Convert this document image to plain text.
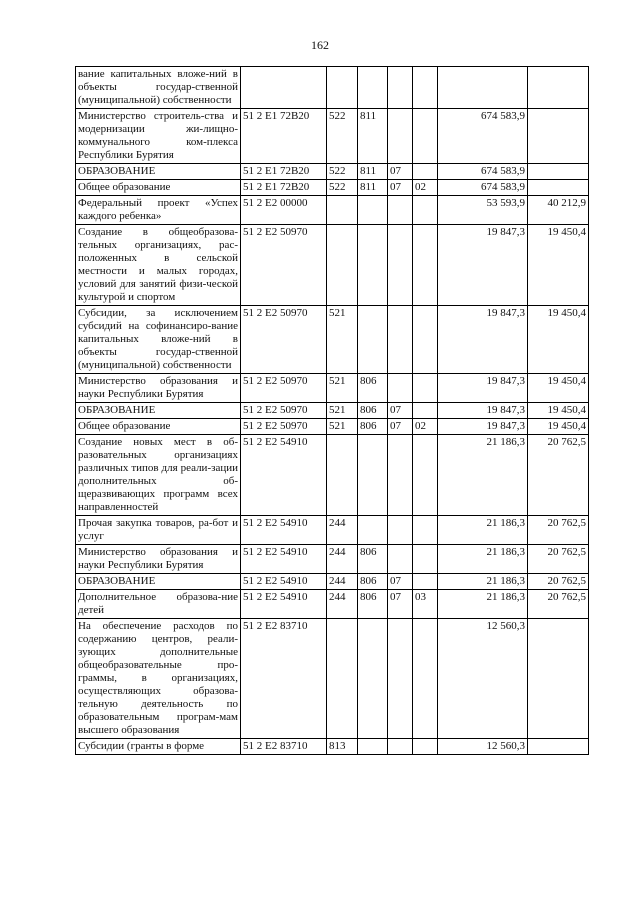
162
вание капитальных вложе-ний в объекты государ-ственной (муниципальной) собственности							
Министерство строитель-ства и модернизации жи-лищно-коммунального ком-плекса Республики Бурятия	51 2 E1 72B20	522	811			674 583,9	
ОБРАЗОВАНИЕ	51 2 E1 72B20	522	811	07		674 583,9	
Общее образование	51 2 E1 72B20	522	811	07	02	674 583,9	
Федеральный проект «Успех каждого ребенка»	51 2 E2 00000					53 593,9	40 212,9
Создание в общеобразова-тельных организациях, рас-положенных в сельской местности и малых городах, условий для занятий физи-ческой культурой и спортом	51 2 E2 50970					19 847,3	19 450,4
Субсидии, за исключением субсидий на софинансиро-вание капитальных вложе-ний в объекты государ-ственной (муниципальной) собственности	51 2 E2 50970	521				19 847,3	19 450,4
Министерство образования и науки Республики Бурятия	51 2 E2 50970	521	806			19 847,3	19 450,4
ОБРАЗОВАНИЕ	51 2 E2 50970	521	806	07		19 847,3	19 450,4
Общее образование	51 2 E2 50970	521	806	07	02	19 847,3	19 450,4
Создание новых мест в об-разовательных организациях различных типов для реали-зации дополнительных об-щеразвивающих программ всех направленностей	51 2 E2 54910					21 186,3	20 762,5
Прочая закупка товаров, ра-бот и услуг	51 2 E2 54910	244				21 186,3	20 762,5
Министерство образования и науки Республики Бурятия	51 2 E2 54910	244	806			21 186,3	20 762,5
ОБРАЗОВАНИЕ	51 2 E2 54910	244	806	07		21 186,3	20 762,5
Дополнительное образова-ние детей	51 2 E2 54910	244	806	07	03	21 186,3	20 762,5
На обеспечение расходов по содержанию центров, реали-зующих дополнительные общеобразовательные про-граммы, в организациях, осуществляющих образова-тельную деятельность по образовательным програм-мам высшего образования	51 2 E2 83710					12 560,3	
Субсидии (гранты в форме	51 2 E2 83710	813				12 560,3	
